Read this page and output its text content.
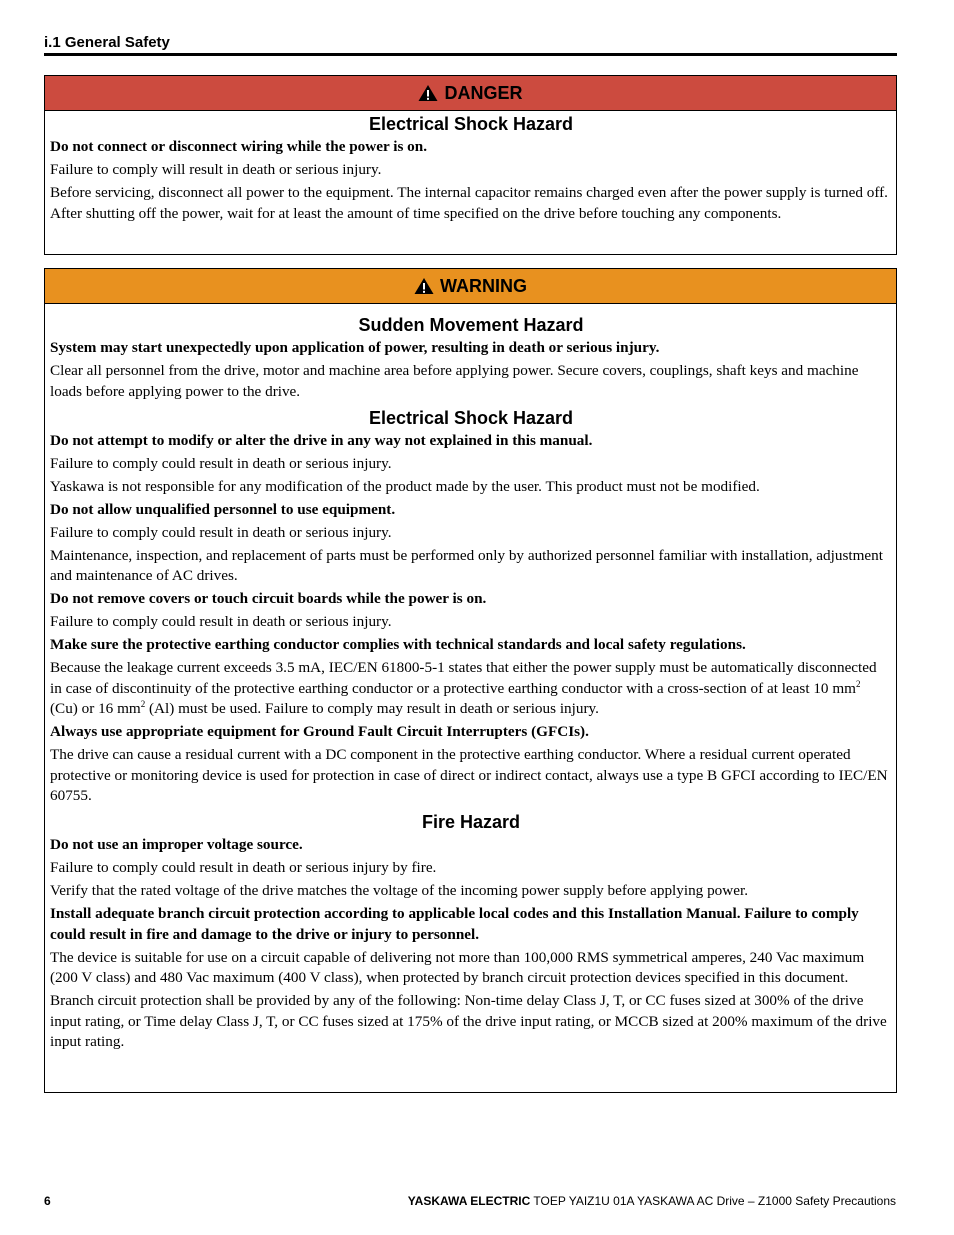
i.1 General Safety
DANGER
Electrical Shock Hazard

Do not connect or disconnect wiring while the power is on.

Failure to comply will result in death or serious injury.

Before servicing, disconnect all power to the equipment. The internal capacitor remains charged even after the power supply is turned off. After shutting off the power, wait for at least the amount of time specified on the drive before touching any components.

WARNING
Sudden Movement Hazard

System may start unexpectedly upon application of power, resulting in death or serious injury.

Clear all personnel from the drive, motor and machine area before applying power. Secure covers, couplings, shaft keys and machine loads before applying power to the drive.

Electrical Shock Hazard

Do not attempt to modify or alter the drive in any way not explained in this manual.

Failure to comply could result in death or serious injury.

Yaskawa is not responsible for any modification of the product made by the user. This product must not be modified.

Do not allow unqualified personnel to use equipment.

Failure to comply could result in death or serious injury.

Maintenance, inspection, and replacement of parts must be performed only by authorized personnel familiar with installation, adjustment and maintenance of AC drives.

Do not remove covers or touch circuit boards while the power is on.

Failure to comply could result in death or serious injury.

Make sure the protective earthing conductor complies with technical standards and local safety regulations.

Because the leakage current exceeds 3.5 mA, IEC/EN 61800-5-1 states that either the power supply must be automatically disconnected in case of discontinuity of the protective earthing conductor or a protective earthing conductor with a cross-section of at least 10 $mm^2$ (Cu) or 16 $mm^2$ (Al) must be used. Failure to comply may result in death or serious injury.

Always use appropriate equipment for Ground Fault Circuit Interrupters (GFCIs).

The drive can cause a residual current with a DC component in the protective earthing conductor. Where a residual current operated protective or monitoring device is used for protection in case of direct or indirect contact, always use a type B GFCI according to IEC/EN 60755.

Fire Hazard

Do not use an improper voltage source.

Failure to comply could result in death or serious injury by fire.

Verify that the rated voltage of the drive matches the voltage of the incoming power supply before applying power.

Install adequate branch circuit protection according to applicable local codes and this Installation Manual. Failure to comply could result in fire and damage to the drive or injury to personnel.

The device is suitable for use on a circuit capable of delivering not more than 100,000 RMS symmetrical amperes, 240 Vac maximum (200 V class) and 480 Vac maximum (400 V class), when protected by branch circuit protection devices specified in this document.

Branch circuit protection shall be provided by any of the following: Non-time delay Class J, T, or CC fuses sized at 300% of the drive input rating, or Time delay Class J, T, or CC fuses sized at 175% of the drive input rating, or MCCB sized at 200% maximum of the drive input rating.

6	YASKAWA ELECTRIC TOEP YAIZ1U 01A YASKAWA AC Drive – Z1000 Safety Precautions
